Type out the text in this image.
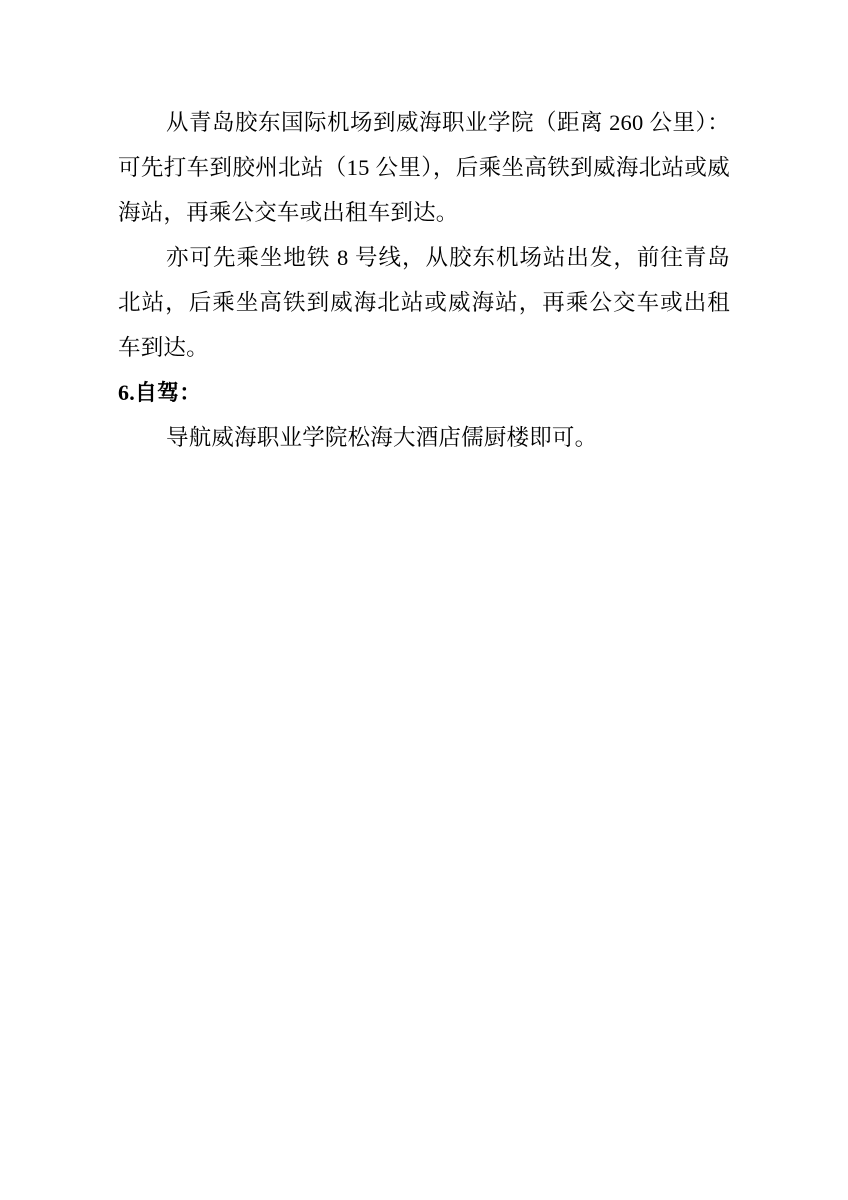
从青岛胶东国际机场到威海职业学院（距离 260 公里）：可先打车到胶州北站（15 公里），后乘坐高铁到威海北站或威海站，再乘公交车或出租车到达。

亦可先乘坐地铁 8 号线，从胶东机场站出发，前往青岛北站，后乘坐高铁到威海北站或威海站，再乘公交车或出租车到达。

6.自驾：

导航威海职业学院松海大酒店儒厨楼即可。
